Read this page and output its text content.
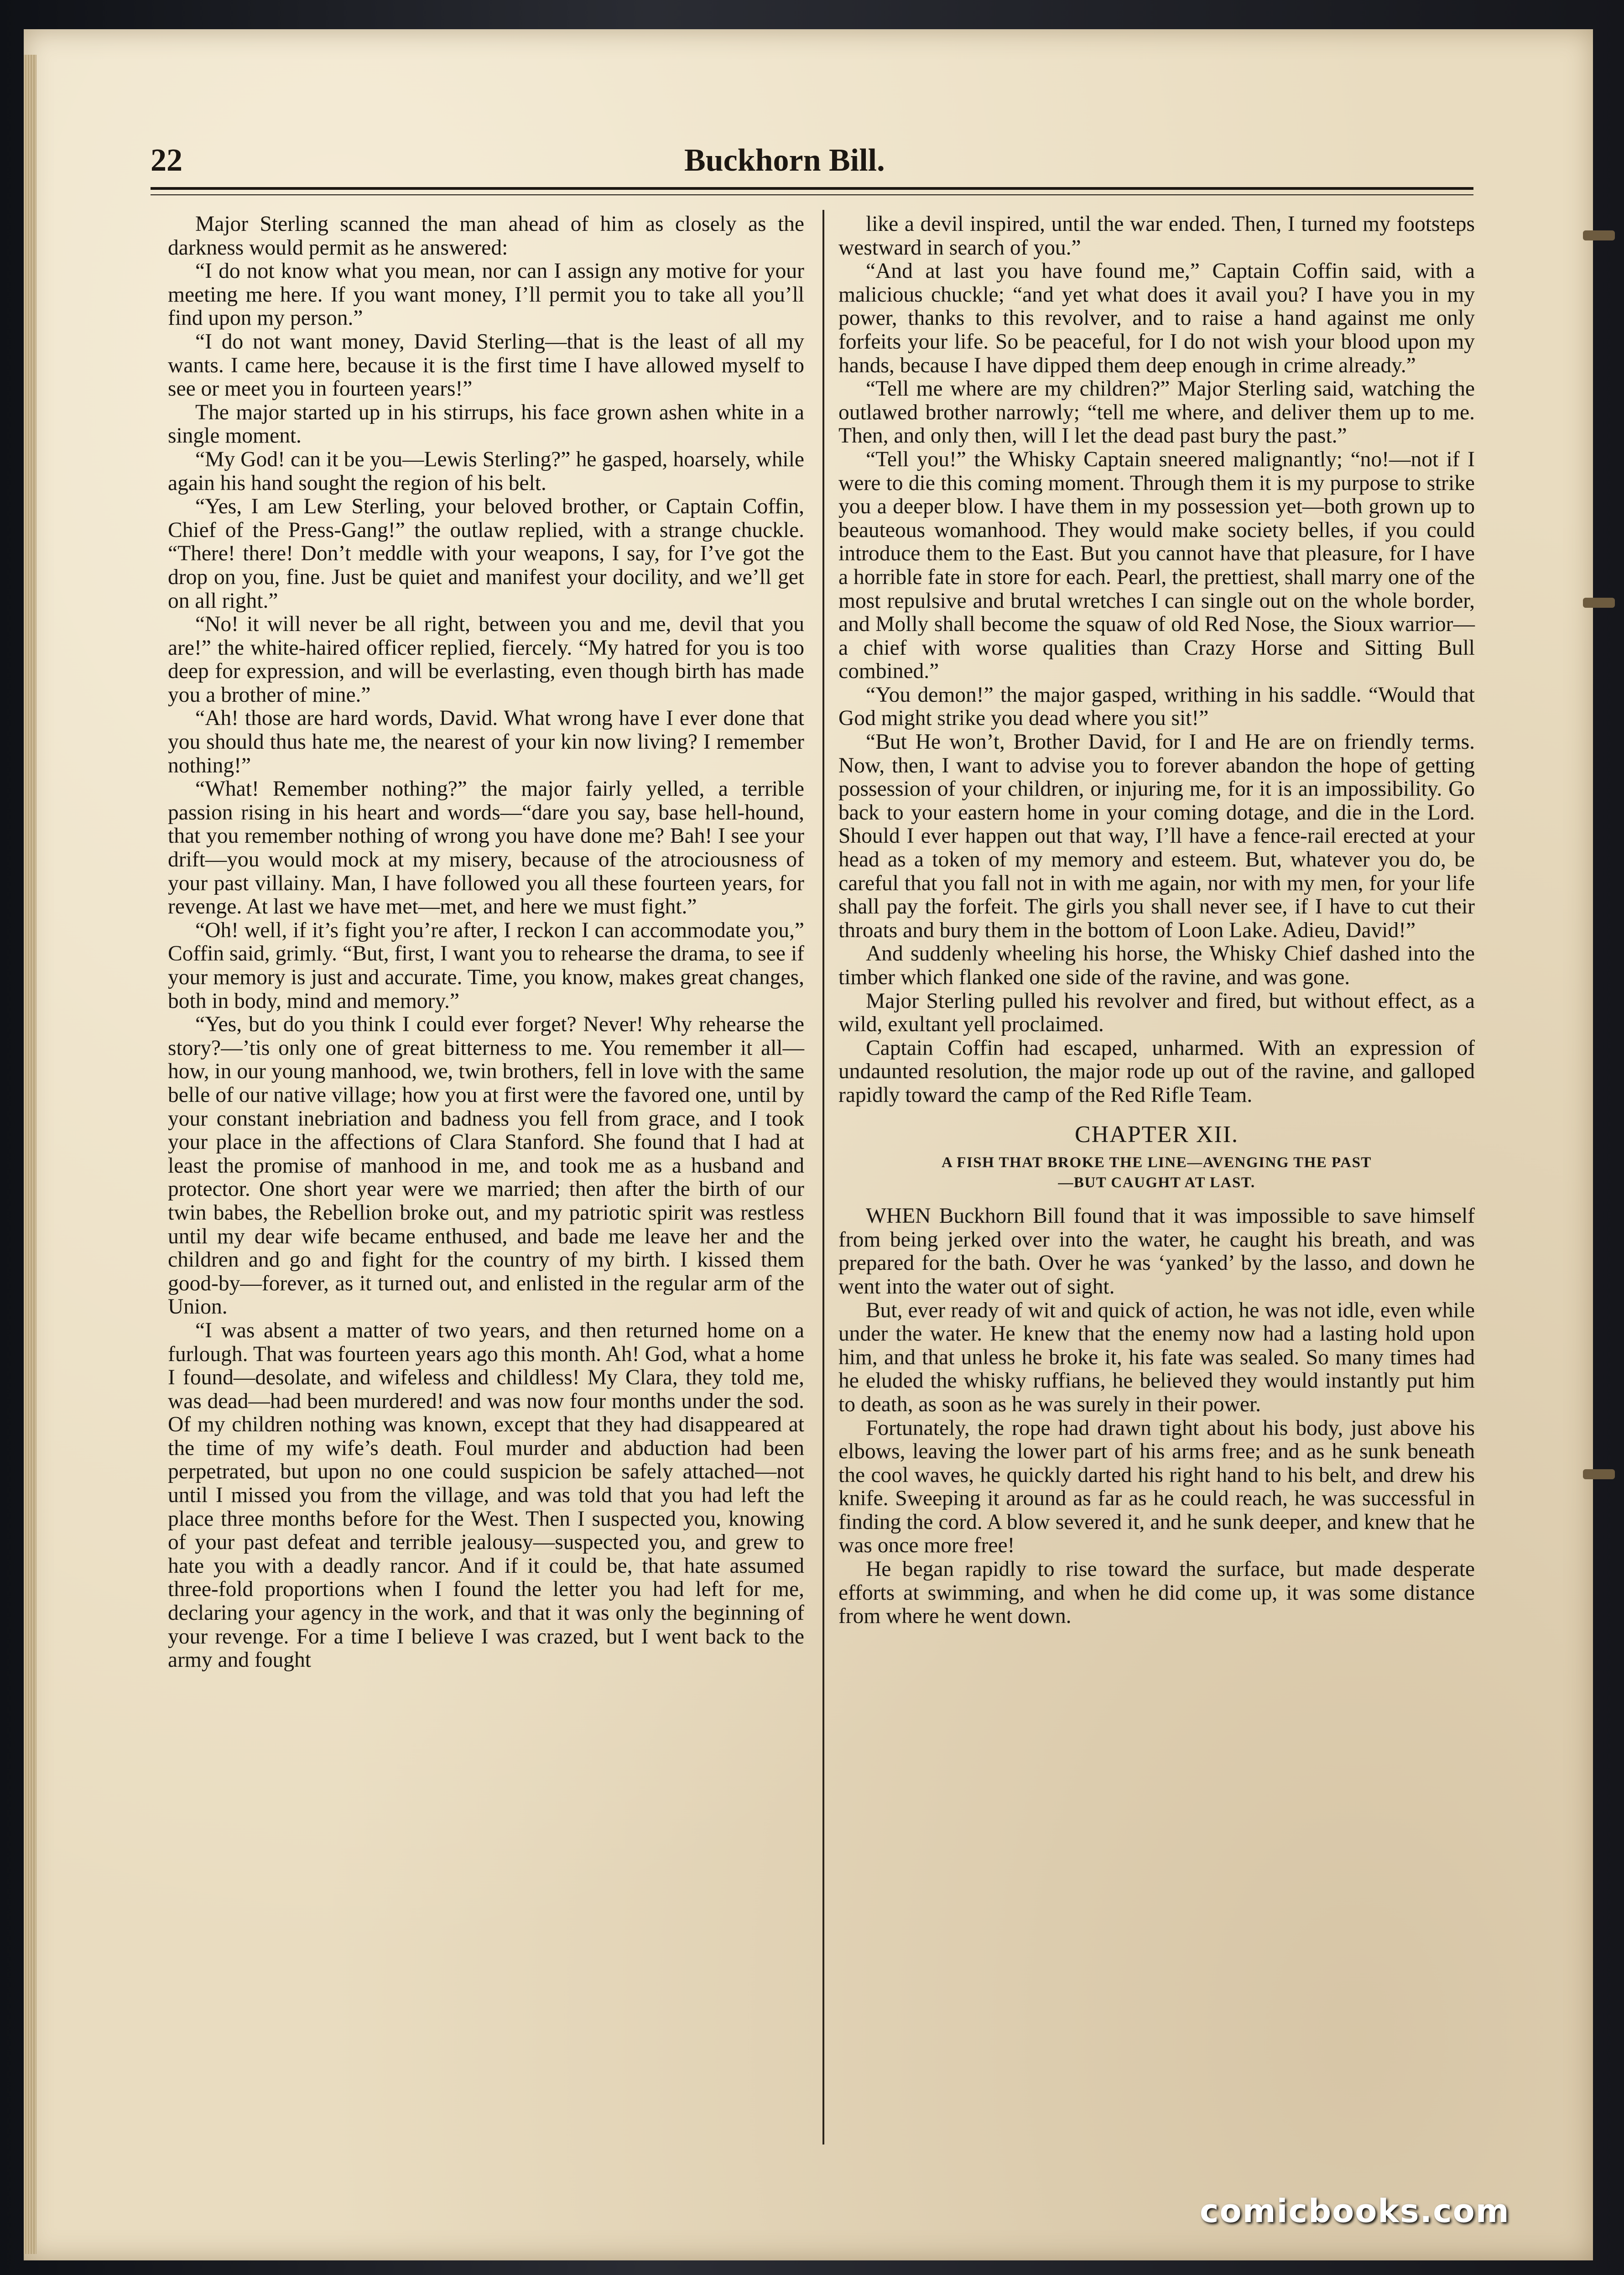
22	Buckhorn Bill.

Major Sterling scanned the man ahead of him as closely as the darkness would permit as he answered:

“I do not know what you mean, nor can I assign any motive for your meeting me here. If you want money, I’ll permit you to take all you’ll find upon my person.”

“I do not want money, David Sterling—that is the least of all my wants. I came here, because it is the first time I have allowed myself to see or meet you in fourteen years!”

The major started up in his stirrups, his face grown ashen white in a single moment.

“My God! can it be you—Lewis Sterling?” he gasped, hoarsely, while again his hand sought the region of his belt.

“Yes, I am Lew Sterling, your beloved brother, or Captain Coffin, Chief of the Press-Gang!” the outlaw replied, with a strange chuckle. “There! there! Don’t meddle with your weapons, I say, for I’ve got the drop on you, fine. Just be quiet and manifest your docility, and we’ll get on all right.”

“No! it will never be all right, between you and me, devil that you are!” the white-haired officer replied, fiercely. “My hatred for you is too deep for expression, and will be everlasting, even though birth has made you a brother of mine.”

“Ah! those are hard words, David. What wrong have I ever done that you should thus hate me, the nearest of your kin now living? I remember nothing!”

“What! Remember nothing?” the major fairly yelled, a terrible passion rising in his heart and words—“dare you say, base hell-hound, that you remember nothing of wrong you have done me? Bah! I see your drift—you would mock at my misery, because of the atrociousness of your past villainy. Man, I have followed you all these fourteen years, for revenge. At last we have met—met, and here we must fight.”

“Oh! well, if it’s fight you’re after, I reckon I can accommodate you,” Coffin said, grimly. “But, first, I want you to rehearse the drama, to see if your memory is just and accurate. Time, you know, makes great changes, both in body, mind and memory.”

“Yes, but do you think I could ever forget? Never! Why rehearse the story?—’tis only one of great bitterness to me. You remember it all—how, in our young manhood, we, twin brothers, fell in love with the same belle of our native village; how you at first were the favored one, until by your constant inebriation and badness you fell from grace, and I took your place in the affections of Clara Stanford. She found that I had at least the promise of manhood in me, and took me as a husband and protector. One short year were we married; then after the birth of our twin babes, the Rebellion broke out, and my patriotic spirit was restless until my dear wife became enthused, and bade me leave her and the children and go and fight for the country of my birth. I kissed them good-by—forever, as it turned out, and enlisted in the regular arm of the Union.

“I was absent a matter of two years, and then returned home on a furlough. That was fourteen years ago this month. Ah! God, what a home I found—desolate, and wifeless and childless! My Clara, they told me, was dead—had been murdered! and was now four months under the sod. Of my children nothing was known, except that they had disappeared at the time of my wife’s death. Foul murder and abduction had been perpetrated, but upon no one could suspicion be safely attached—not until I missed you from the village, and was told that you had left the place three months before for the West. Then I suspected you, knowing of your past defeat and terrible jealousy—suspected you, and grew to hate you with a deadly rancor. And if it could be, that hate assumed three-fold proportions when I found the letter you had left for me, declaring your agency in the work, and that it was only the beginning of your revenge. For a time I believe I was crazed, but I went back to the army and fought

like a devil inspired, until the war ended. Then, I turned my footsteps westward in search of you.”

“And at last you have found me,” Captain Coffin said, with a malicious chuckle; “and yet what does it avail you? I have you in my power, thanks to this revolver, and to raise a hand against me only forfeits your life. So be peaceful, for I do not wish your blood upon my hands, because I have dipped them deep enough in crime already.”

“Tell me where are my children?” Major Sterling said, watching the outlawed brother narrowly; “tell me where, and deliver them up to me. Then, and only then, will I let the dead past bury the past.”

“Tell you!” the Whisky Captain sneered malignantly; “no!—not if I were to die this coming moment. Through them it is my purpose to strike you a deeper blow. I have them in my possession yet—both grown up to beauteous womanhood. They would make society belles, if you could introduce them to the East. But you cannot have that pleasure, for I have a horrible fate in store for each. Pearl, the prettiest, shall marry one of the most repulsive and brutal wretches I can single out on the whole border, and Molly shall become the squaw of old Red Nose, the Sioux warrior—a chief with worse qualities than Crazy Horse and Sitting Bull combined.”

“You demon!” the major gasped, writhing in his saddle. “Would that God might strike you dead where you sit!”

“But He won’t, Brother David, for I and He are on friendly terms. Now, then, I want to advise you to forever abandon the hope of getting possession of your children, or injuring me, for it is an impossibility. Go back to your eastern home in your coming dotage, and die in the Lord. Should I ever happen out that way, I’ll have a fence-rail erected at your head as a token of my memory and esteem. But, whatever you do, be careful that you fall not in with me again, nor with my men, for your life shall pay the forfeit. The girls you shall never see, if I have to cut their throats and bury them in the bottom of Loon Lake. Adieu, David!”

And suddenly wheeling his horse, the Whisky Chief dashed into the timber which flanked one side of the ravine, and was gone.

Major Sterling pulled his revolver and fired, but without effect, as a wild, exultant yell proclaimed.

Captain Coffin had escaped, unharmed. With an expression of undaunted resolution, the major rode up out of the ravine, and galloped rapidly toward the camp of the Red Rifle Team.

CHAPTER XII.
A FISH THAT BROKE THE LINE—AVENGING THE PAST
—BUT CAUGHT AT LAST.

WHEN Buckhorn Bill found that it was impossible to save himself from being jerked over into the water, he caught his breath, and was prepared for the bath. Over he was ‘yanked’ by the lasso, and down he went into the water out of sight.

But, ever ready of wit and quick of action, he was not idle, even while under the water. He knew that the enemy now had a lasting hold upon him, and that unless he broke it, his fate was sealed. So many times had he eluded the whisky ruffians, he believed they would instantly put him to death, as soon as he was surely in their power.

Fortunately, the rope had drawn tight about his body, just above his elbows, leaving the lower part of his arms free; and as he sunk beneath the cool waves, he quickly darted his right hand to his belt, and drew his knife. Sweeping it around as far as he could reach, he was successful in finding the cord. A blow severed it, and he sunk deeper, and knew that he was once more free!

He began rapidly to rise toward the surface, but made desperate efforts at swimming, and when he did come up, it was some distance from where he went down.

comicbooks.com
